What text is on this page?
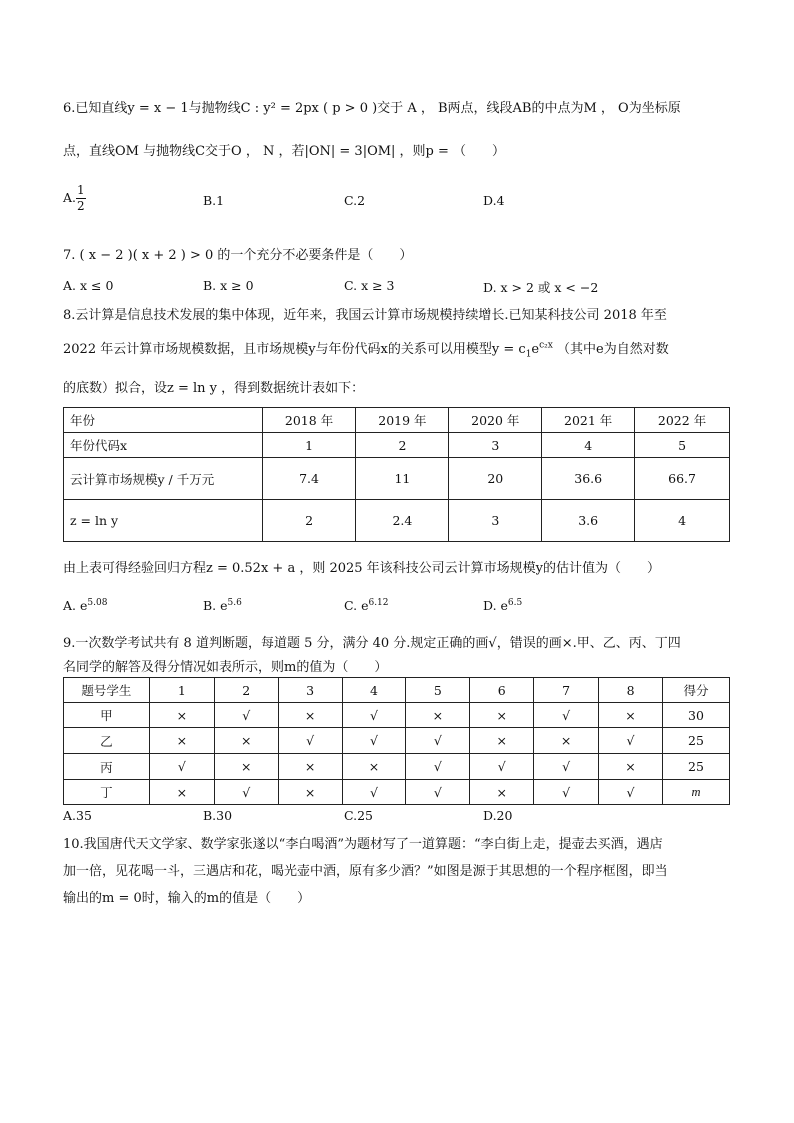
6.已知直线y = x − 1与抛物线C : y² = 2px ( p > 0 )交于 A ， B两点，线段AB的中点为M ， O为坐标原
点，直线OM 与抛物线C交于O ， N ，若|ON| = 3|OM| ，则p = （　　）
A. $\frac{1}{2}$	B.1	C.2	D.4
7. ( x − 2 )( x + 2 ) > 0 的一个充分不必要条件是（　　）
A. x ≤ 0	B. x ≥ 0	C. x ≥ 3	D. x > 2 或 x < −2
8.云计算是信息技术发展的集中体现，近年来，我国云计算市场规模持续增长.已知某科技公司 2018 年至
2022 年云计算市场规模数据，且市场规模y与年份代码x的关系可以用模型$y = c_1e^{c_2x}$ （其中e为自然对数
的底数）拟合，设z = ln y ，得到数据统计表如下：
年份	2018 年	2019 年	2020 年	2021 年	2022 年
年份代码x	1	2	3	4	5
云计算市场规模y / 千万元	7.4	11	20	36.6	66.7
z = ln y	2	2.4	3	3.6	4
由上表可得经验回归方程z = 0.52x + a ，则 2025 年该科技公司云计算市场规模y的估计值为（　　）
A. $e^{5.08}$	B. $e^{5.6}$	C. $e^{6.12}$	D. $e^{6.5}$
9.一次数学考试共有 8 道判断题，每道题 5 分，满分 40 分.规定正确的画√，错误的画×.甲、乙、丙、丁四
名同学的解答及得分情况如表所示，则m的值为（　　）
题号学生	1	2	3	4	5	6	7	8	得分
甲	×	√	×	√	×	×	√	×	30
乙	×	×	√	√	√	×	×	√	25
丙	√	×	×	×	√	√	√	×	25
丁	×	√	×	√	√	×	√	√	m
A.35	B.30	C.25	D.20
10.我国唐代天文学家、数学家张遂以“李白喝酒”为题材写了一道算题：“李白街上走，提壶去买酒，遇店
加一倍，见花喝一斗，三遇店和花，喝光壶中酒，原有多少酒？”如图是源于其思想的一个程序框图，即当
输出的m = 0时，输入的m的值是（　　）
